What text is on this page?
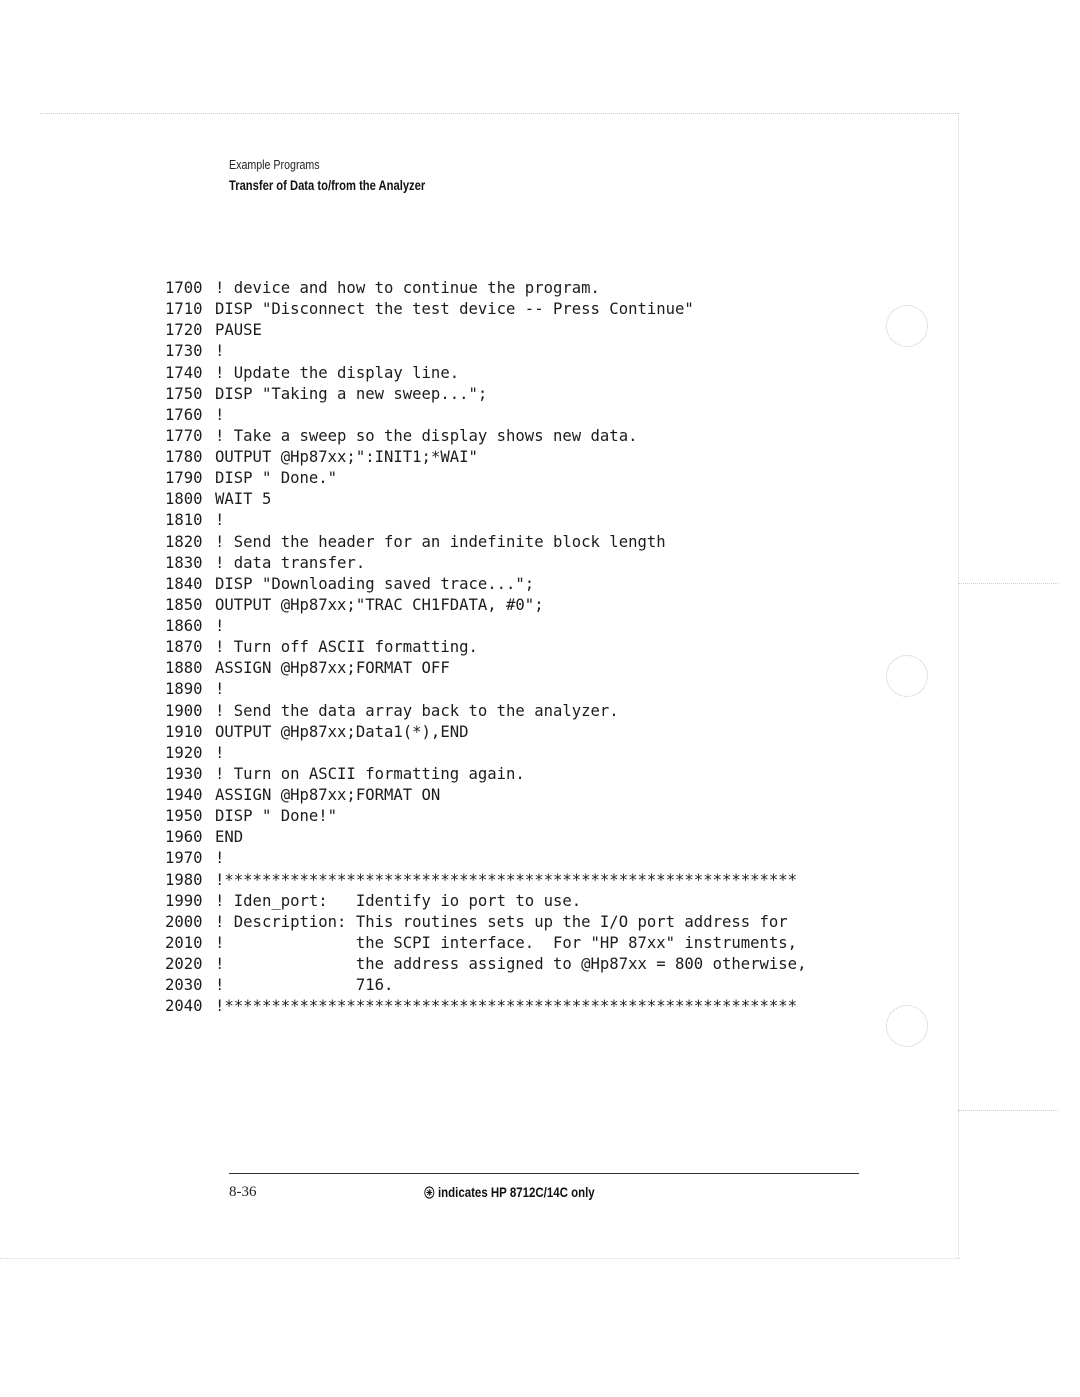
Example Programs
Transfer of Data to/from the Analyzer
1700 ! device and how to continue the program.
1710 DISP "Disconnect the test device -- Press Continue"
1720 PAUSE
1730 !
1740 ! Update the display line.
1750 DISP "Taking a new sweep...";
1760 !
1770 ! Take a sweep so the display shows new data.
1780 OUTPUT @Hp87xx;":INIT1;*WAI"
1790 DISP " Done."
1800 WAIT 5
1810 !
1820 ! Send the header for an indefinite block length
1830 ! data transfer.
1840 DISP "Downloading saved trace...";
1850 OUTPUT @Hp87xx;"TRAC CH1FDATA, #0";
1860 !
1870 ! Turn off ASCII formatting.
1880 ASSIGN @Hp87xx;FORMAT OFF
1890 !
1900 ! Send the data array back to the analyzer.
1910 OUTPUT @Hp87xx;Data1(*),END
1920 !
1930 ! Turn on ASCII formatting again.
1940 ASSIGN @Hp87xx;FORMAT ON
1950 DISP " Done!"
1960 END
1970 !
1980 !*************************************************************
1990 ! Iden_port:   Identify io port to use.
2000 ! Description: This routines sets up the I/O port address for
2010 !              the SCPI interface.  For "HP 87xx" instruments,
2020 !              the address assigned to @Hp87xx = 800 otherwise,
2030 !              716.
2040 !*************************************************************
8-36	indicates HP 8712C/14C only
